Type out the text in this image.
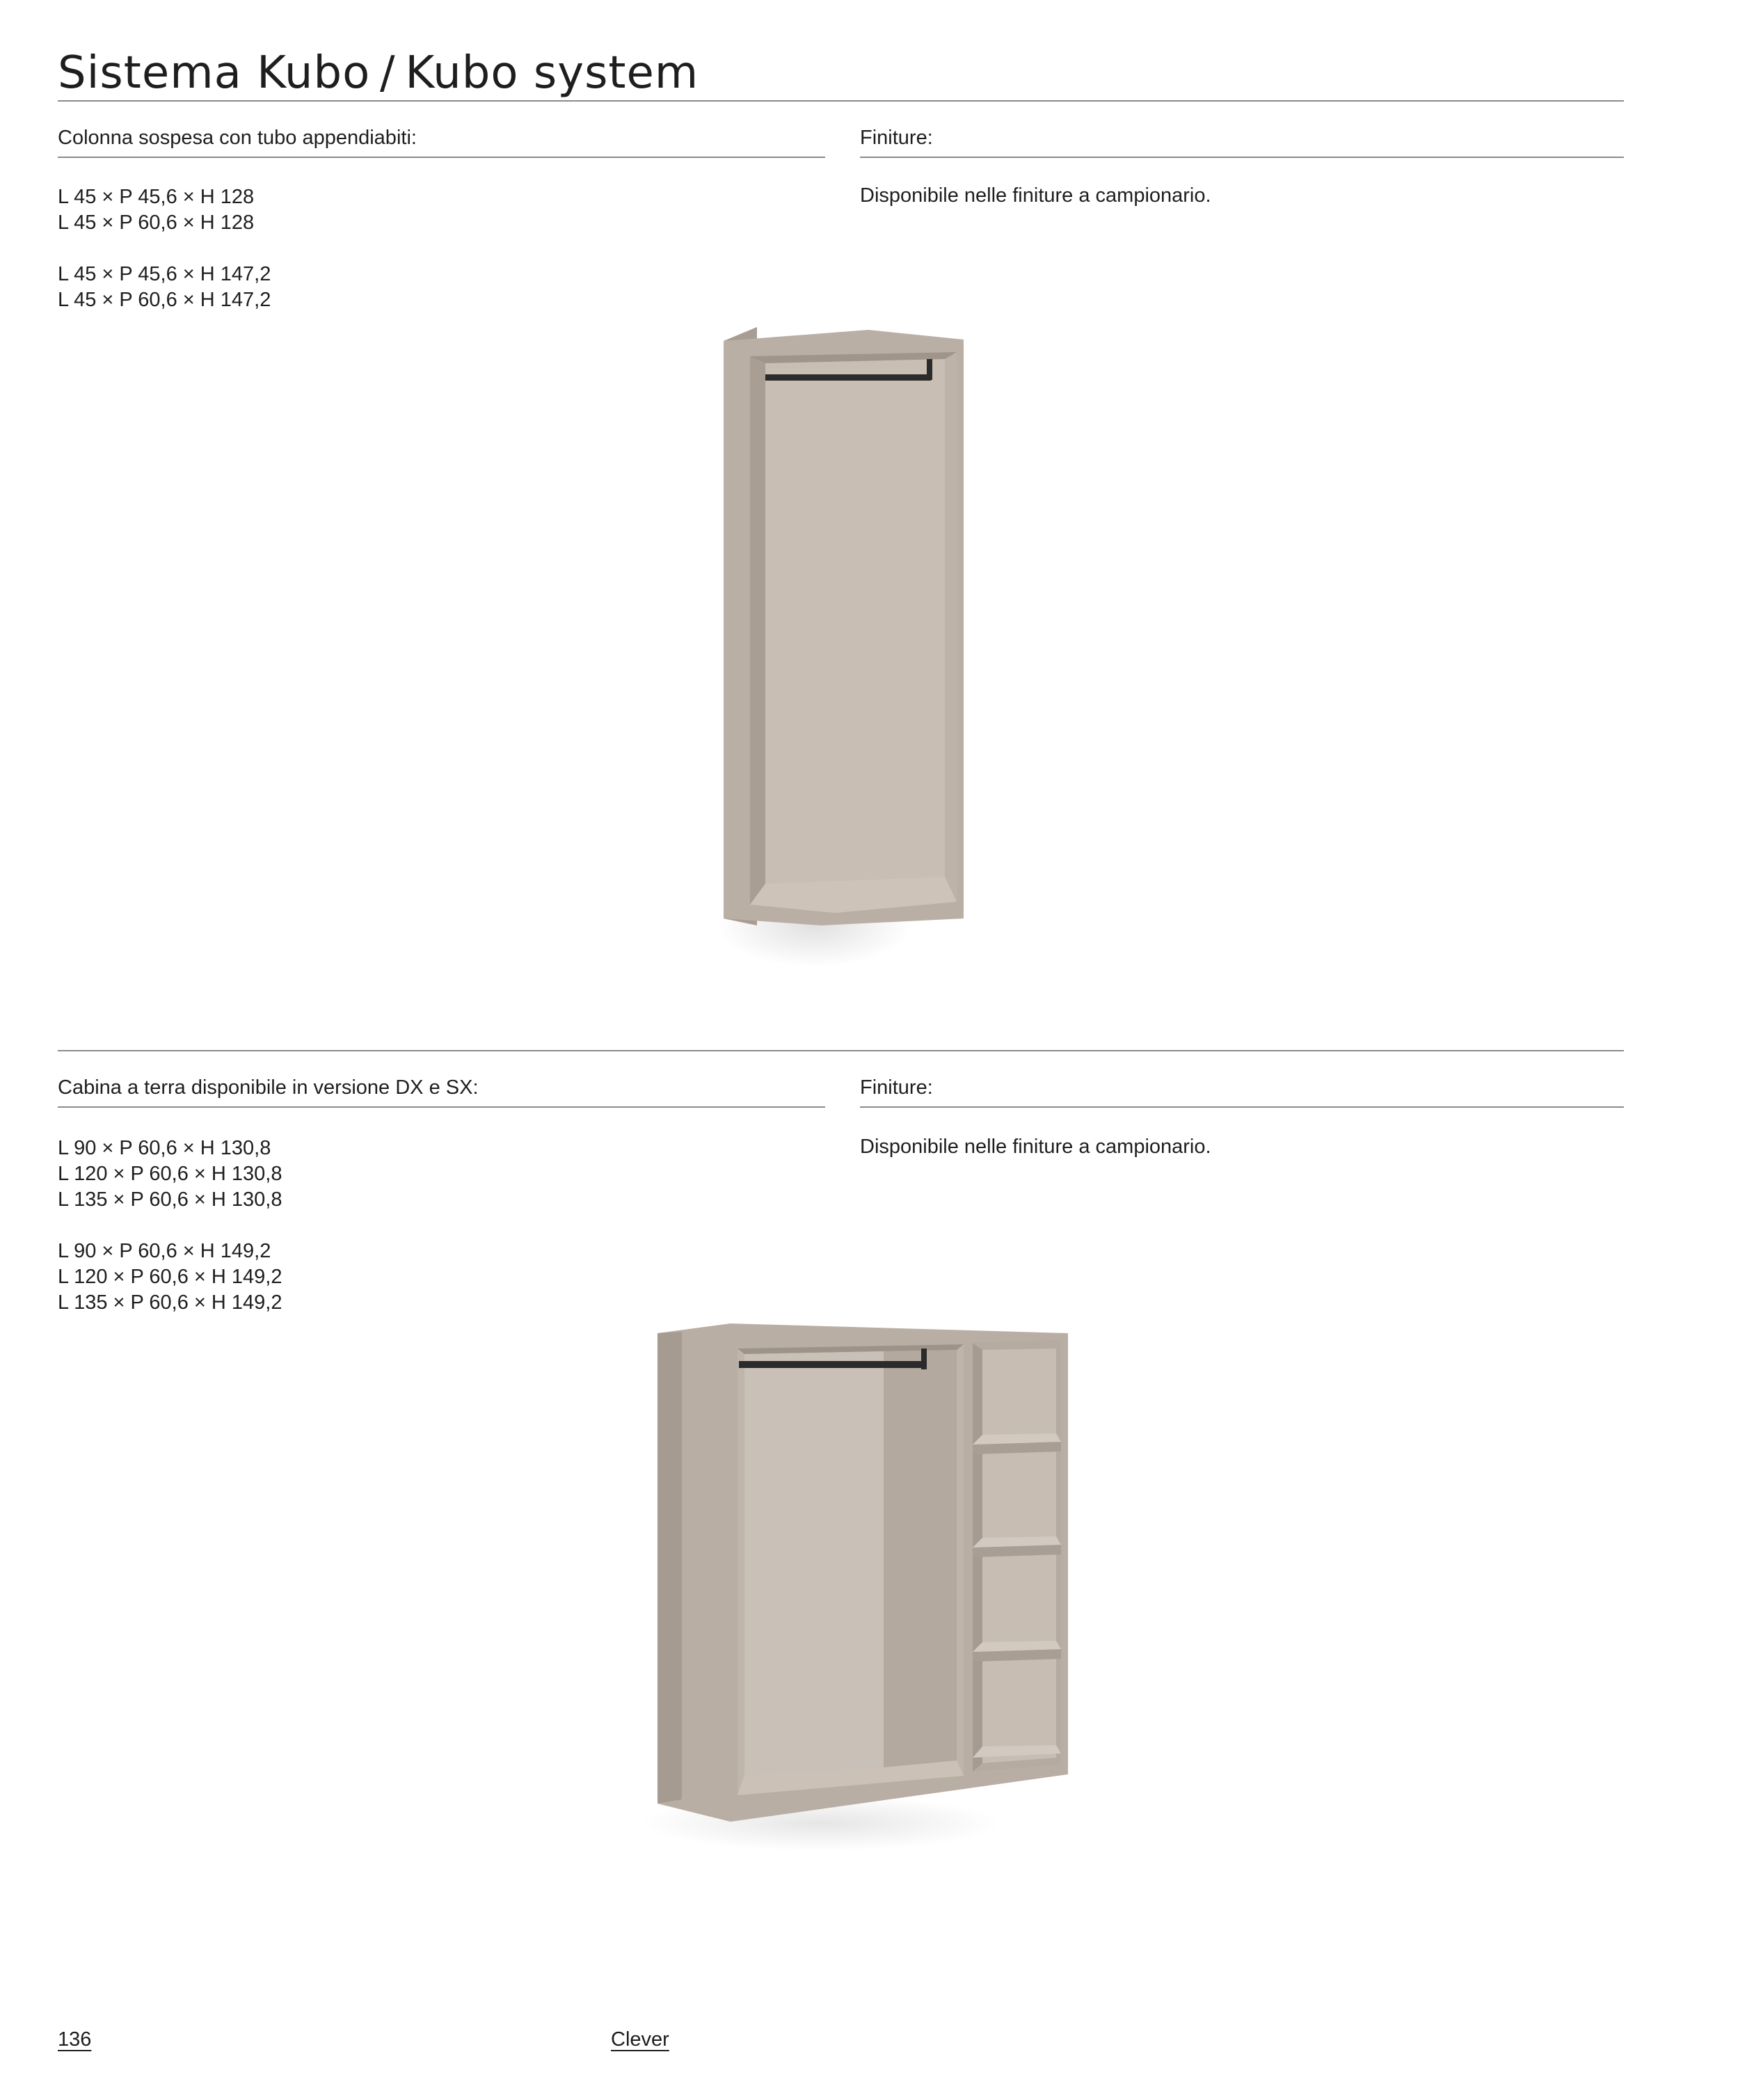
Sistema Kubo / Kubo system
Colonna sospesa con tubo appendiabiti:	Finiture:
L 45 × P 45,6 × H 128
L 45 × P 60,6 × H 128
L 45 × P 45,6 × H 147,2
L 45 × P 60,6 × H 147,2
Disponibile nelle finiture a campionario.
Cabina a terra disponibile in versione DX e SX:	Finiture:
L 90 × P 60,6 × H 130,8
L 120 × P 60,6 × H 130,8
L 135 × P 60,6 × H 130,8
L 90 × P 60,6 × H 149,2
L 120 × P 60,6 × H 149,2
L 135 × P 60,6 × H 149,2
Disponibile nelle finiture a campionario.
136	Clever
